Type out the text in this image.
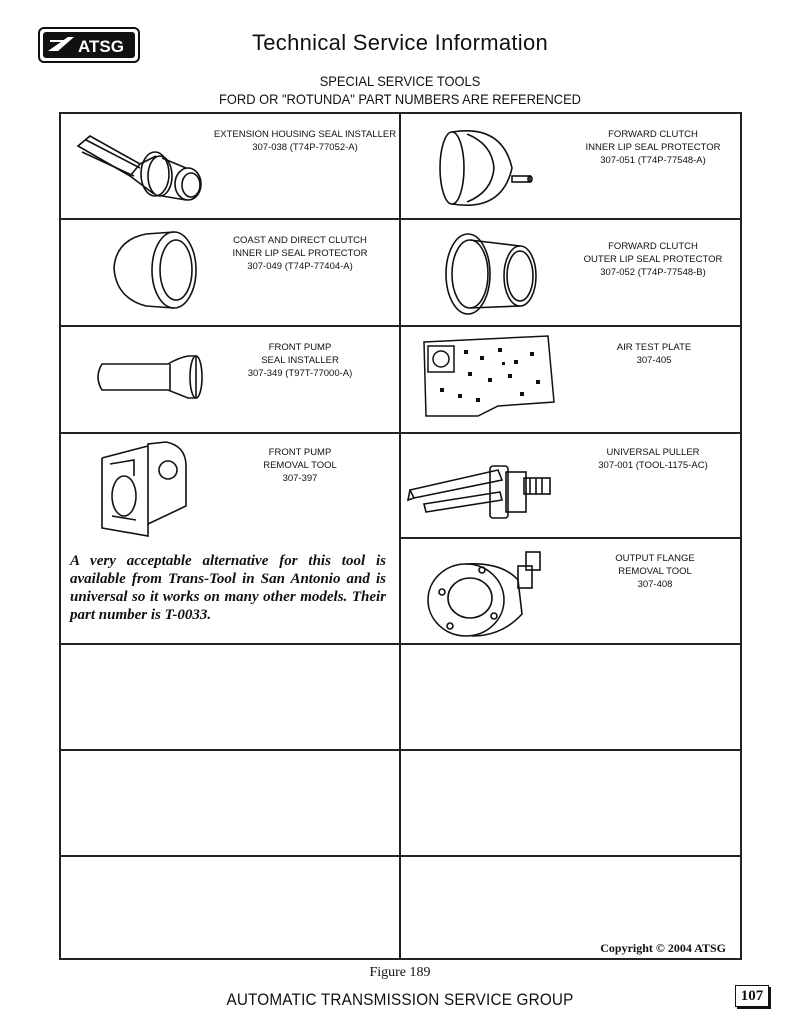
ATSG	Technical Service Information
SPECIAL SERVICE TOOLS
FORD OR "ROTUNDA" PART NUMBERS ARE REFERENCED
EXTENSION HOUSING SEAL INSTALLER
307-038 (T74P-77052-A)
FORWARD CLUTCH
INNER LIP SEAL PROTECTOR
307-051 (T74P-77548-A)
COAST AND DIRECT CLUTCH
INNER LIP SEAL PROTECTOR
307-049 (T74P-77404-A)
FORWARD CLUTCH
OUTER LIP SEAL PROTECTOR
307-052 (T74P-77548-B)
FRONT PUMP
SEAL INSTALLER
307-349 (T97T-77000-A)
AIR TEST PLATE
307-405
FRONT PUMP
REMOVAL TOOL
307-397
UNIVERSAL PULLER
307-001 (TOOL-1175-AC)
A very acceptable alternative for this tool is available from Trans-Tool in San Antonio and is universal so it works on many other models. Their part number is T-0033.
OUTPUT FLANGE
REMOVAL TOOL
307-408
Copyright © 2004 ATSG
Figure 189
AUTOMATIC TRANSMISSION SERVICE GROUP	107
